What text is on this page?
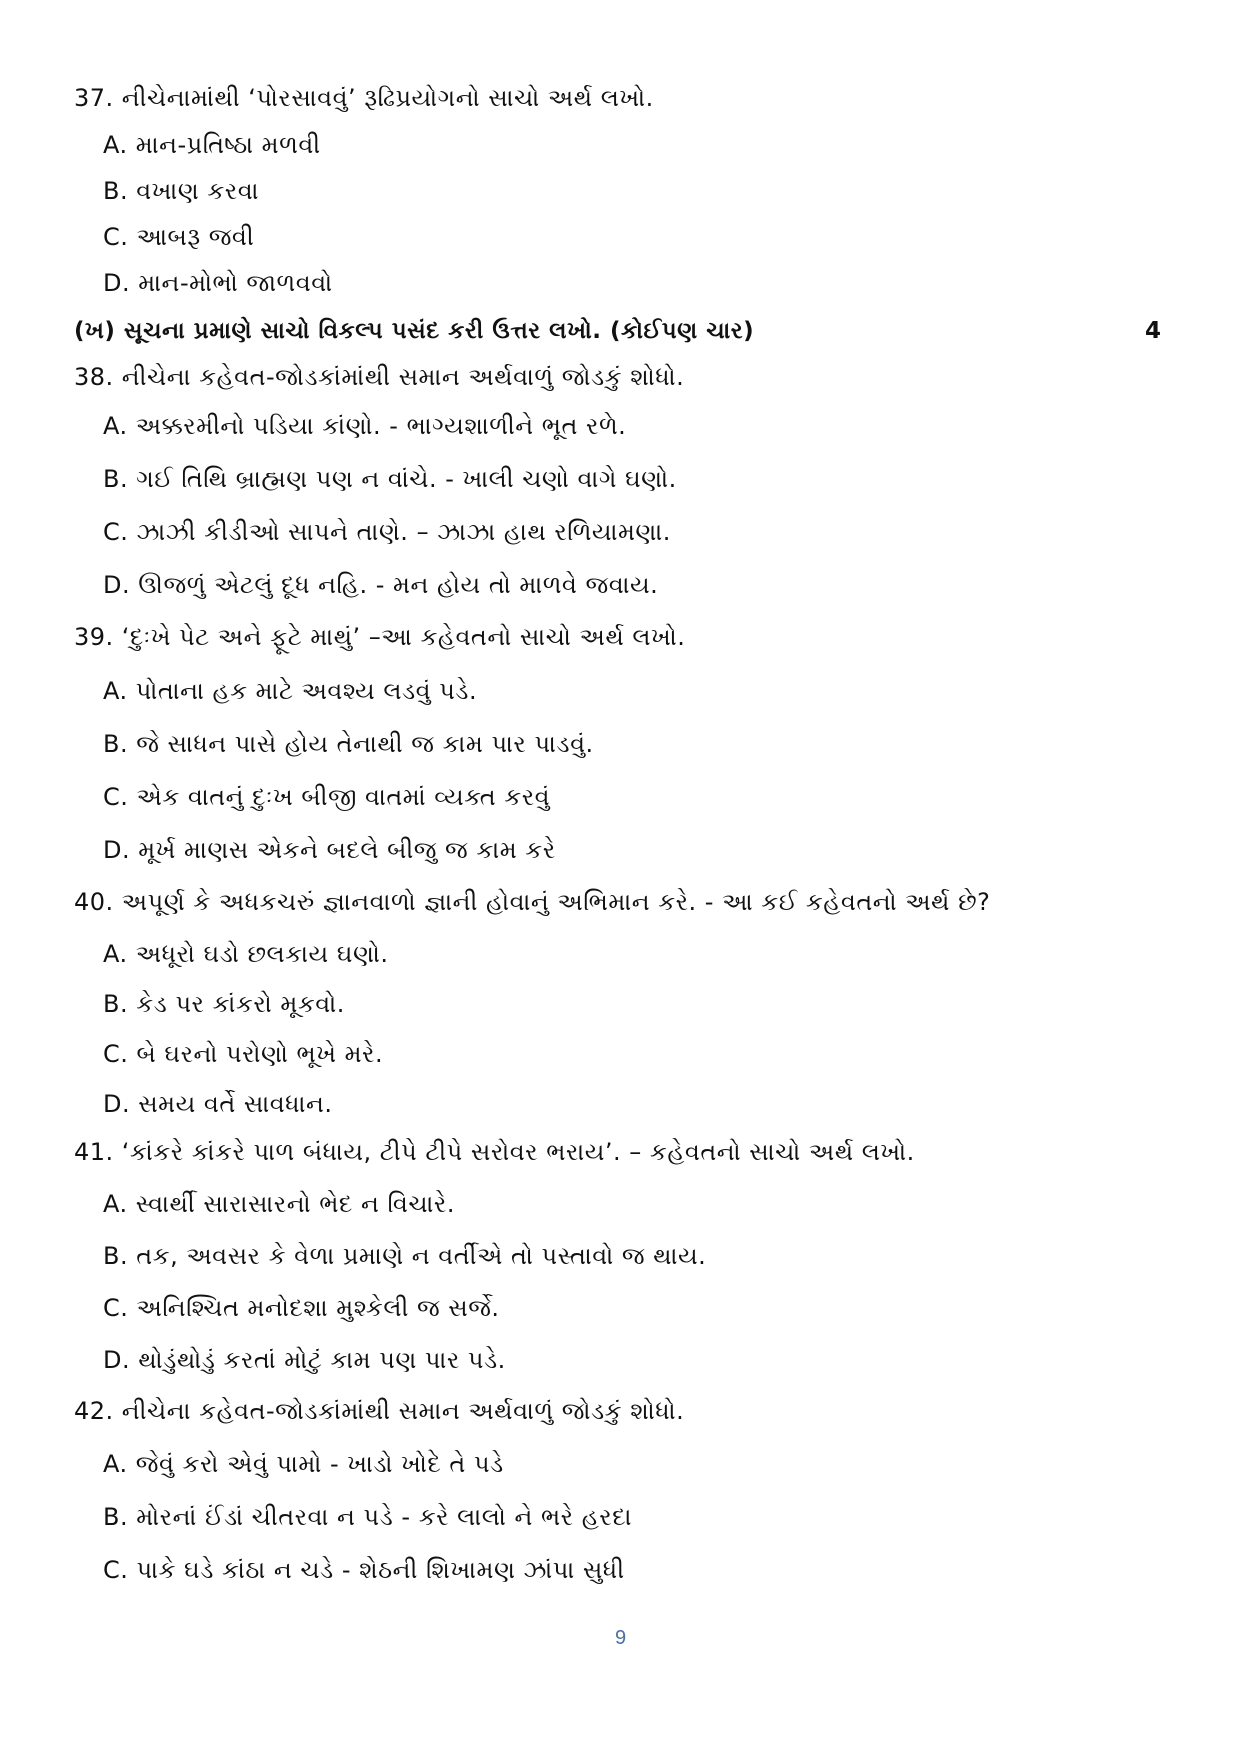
37. નીચેનામાંથી ‘પોરસાવવું’ રૂઢિપ્રયોગનો સાચો અર્થ લખો.
A. માન-પ્રતિષ્ઠા મળવી
B. વખાણ કરવા
C. આબરૂ જવી
D. માન-મોભો જાળવવો
(ખ) સૂચના પ્રમાણે સાચો વિકલ્પ પસંદ કરી ઉત્તર લખો. (કોઈપણ ચાર)	4
38. નીચેના કહેવત-જોડકાંમાંથી સમાન અર્થવાળું જોડકું શોધો.
A. અક્કરમીનો પડિયા કાંણો. - ભાગ્યશાળીને ભૂત રળે.
B. ગઈ તિથિ બ્રાહ્મણ પણ ન વાંચે. - ખાલી ચણો વાગે ઘણો.
C. ઝાઝી કીડીઓ સાપને તાણે. – ઝાઝા હાથ રળિયામણા.
D. ઊજળું એટલું દૂધ નહિ. - મન હોય તો માળવે જવાય.
39. ‘દુઃખે પેટ અને ફૂટે માથું’ –આ કહેવતનો સાચો અર્થ લખો.
A. પોતાના હક માટે અવશ્ય લડવું પડે.
B. જે સાધન પાસે હોય તેનાથી જ કામ પાર પાડવું.
C. એક વાતનું દુઃખ બીજી વાતમાં વ્યક્ત કરવું
D. મૂર્ખ માણસ એકને બદલે બીજુ જ કામ કરે
40. અપૂર્ણ કે અધકચરું જ્ઞાનવાળો જ્ઞાની હોવાનું અભિમાન કરે. - આ કઈ કહેવતનો અર્થ છે?
A. અધૂરો ઘડો છલકાય ઘણો.
B. કેડ પર કાંકરો મૂકવો.
C. બે ઘરનો પરોણો ભૂખે મરે.
D. સમય વર્તે સાવધાન.
41. ‘કાંકરે કાંકરે પાળ બંધાય, ટીપે ટીપે સરોવર ભરાય’. – કહેવતનો સાચો અર્થ લખો.
A. સ્વાર્થી સારાસારનો ભેદ ન વિચારે.
B. તક, અવસર કે વેળા પ્રમાણે ન વર્તીએ તો પસ્તાવો જ થાય.
C. અનિશ્ચિત મનોદશા મુશ્કેલી જ સર્જે.
D. થોડુંથોડું કરતાં મોટું કામ પણ પાર પડે.
42. નીચેના કહેવત-જોડકાંમાંથી સમાન અર્થવાળું જોડકું શોધો.
A. જેવું કરો એવું પામો - ખાડો ખોદે તે પડે
B. મોરનાં ઈંડાં ચીતરવા ન પડે - કરે લાલો ને ભરે હરદા
C. પાકે ઘડે કાંઠા ન ચડે - શેઠની શિખામણ ઝાંપા સુધી
9
